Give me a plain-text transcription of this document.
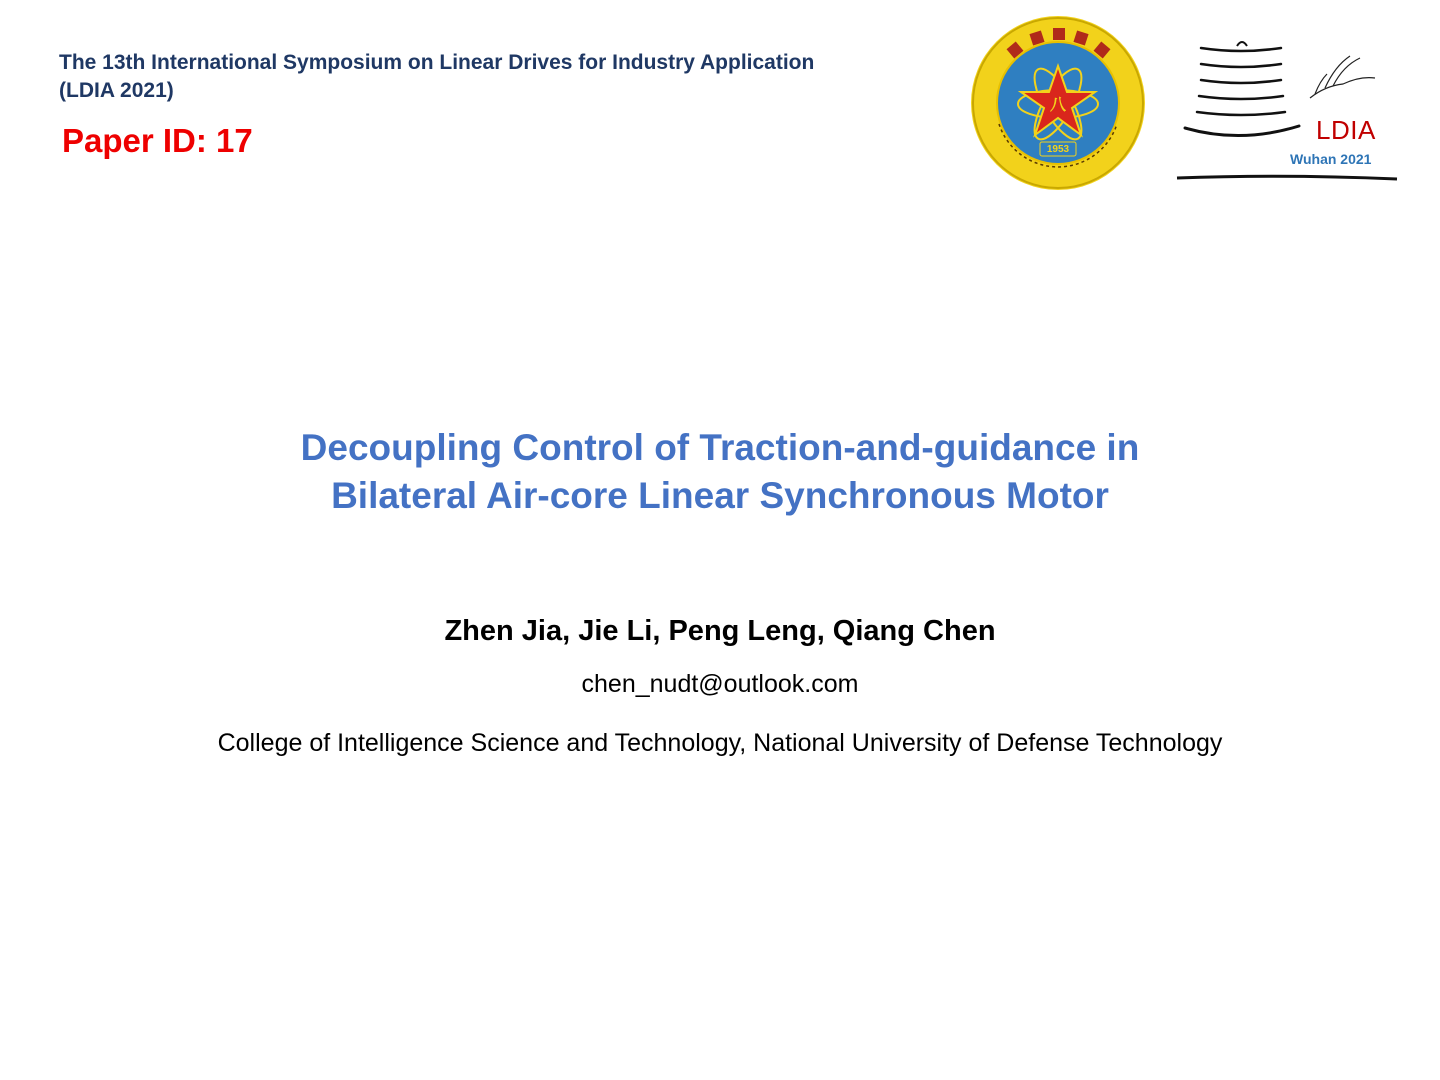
The 13th International Symposium on Linear Drives for Industry Application
(LDIA 2021)
Paper ID: 17
八
1953
LDIA
Wuhan 2021
Decoupling Control of Traction-and-guidance in
Bilateral Air-core Linear Synchronous Motor
Zhen Jia, Jie Li, Peng Leng, Qiang Chen
chen_nudt@outlook.com
College of Intelligence Science and Technology, National University of Defense Technology
